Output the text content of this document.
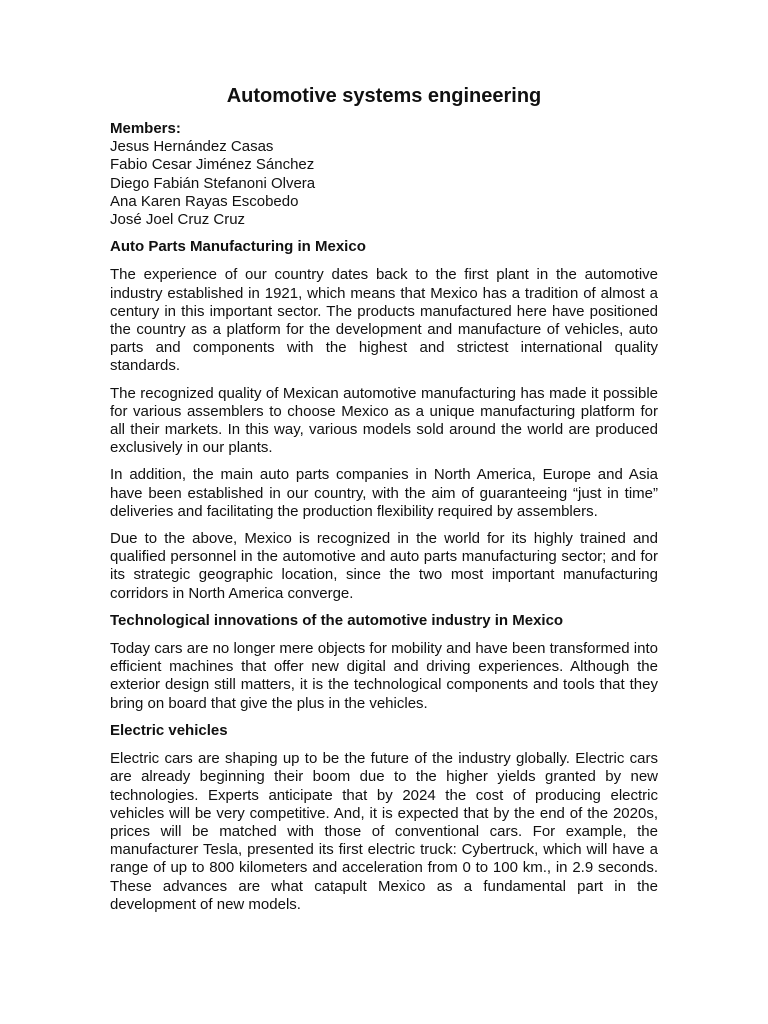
Automotive systems engineering
Members:
Jesus Hernández Casas
Fabio Cesar Jiménez Sánchez
Diego Fabián Stefanoni Olvera
Ana Karen Rayas Escobedo
José Joel Cruz Cruz
Auto Parts Manufacturing in Mexico

The experience of our country dates back to the first plant in the automotive industry established in 1921, which means that Mexico has a tradition of almost a century in this important sector. The products manufactured here have positioned the country as a platform for the development and manufacture of vehicles, auto parts and components with the highest and strictest international quality standards.

The recognized quality of Mexican automotive manufacturing has made it possible for various assemblers to choose Mexico as a unique manufacturing platform for all their markets. In this way, various models sold around the world are produced exclusively in our plants.

In addition, the main auto parts companies in North America, Europe and Asia have been established in our country, with the aim of guaranteeing “just in time” deliveries and facilitating the production flexibility required by assemblers.

Due to the above, Mexico is recognized in the world for its highly trained and qualified personnel in the automotive and auto parts manufacturing sector; and for its strategic geographic location, since the two most important manufacturing corridors in North America converge.

Technological innovations of the automotive industry in Mexico

Today cars are no longer mere objects for mobility and have been transformed into efficient machines that offer new digital and driving experiences. Although the exterior design still matters, it is the technological components and tools that they bring on board that give the plus in the vehicles.

Electric vehicles

Electric cars are shaping up to be the future of the industry globally. Electric cars are already beginning their boom due to the higher yields granted by new technologies. Experts anticipate that by 2024 the cost of producing electric vehicles will be very competitive. And, it is expected that by the end of the 2020s, prices will be matched with those of conventional cars. For example, the manufacturer Tesla, presented its first electric truck: Cybertruck, which will have a range of up to 800 kilometers and acceleration from 0 to 100 km., in 2.9 seconds. These advances are what catapult Mexico as a fundamental part in the development of new models.
